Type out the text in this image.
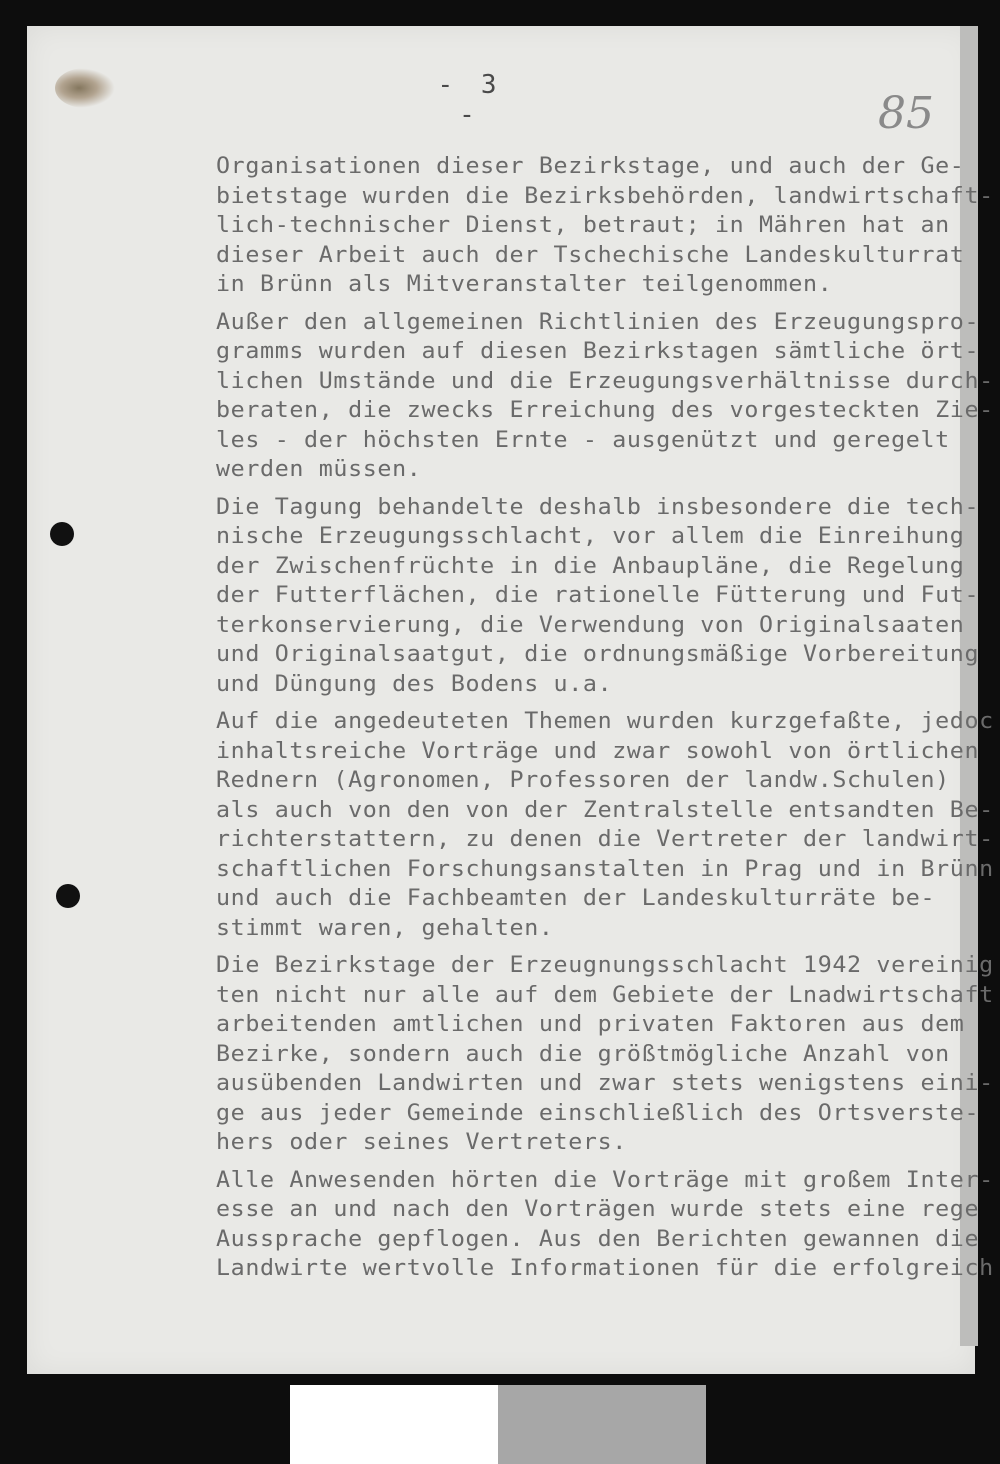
- 3 -	85
Organisationen dieser Bezirkstage, und auch der Ge-
bietstage wurden die Bezirksbehörden, landwirtschaft-
lich-technischer Dienst, betraut; in Mähren hat an
dieser Arbeit auch der Tschechische Landeskulturrat
in Brünn als Mitveranstalter teilgenommen.
Außer den allgemeinen Richtlinien des Erzeugungspro-
gramms wurden auf diesen Bezirkstagen sämtliche ört-
lichen Umstände und die Erzeugungsverhältnisse durch-
beraten, die zwecks Erreichung des vorgesteckten Zie-
les - der höchsten Ernte - ausgenützt und geregelt
werden müssen.
Die Tagung behandelte deshalb insbesondere die tech-
nische Erzeugungsschlacht, vor allem die Einreihung
der Zwischenfrüchte in die Anbaupläne, die Regelung
der Futterflächen, die rationelle Fütterung und Fut-
terkonservierung, die Verwendung von Originalsaaten
und Originalsaatgut, die ordnungsmäßige Vorbereitung
und Düngung des Bodens u.a.
Auf die angedeuteten Themen wurden kurzgefaßte, jedoc
inhaltsreiche Vorträge und zwar sowohl von örtlichen
Rednern (Agronomen, Professoren der landw.Schulen)
als auch von den von der Zentralstelle entsandten Be-
richterstattern, zu denen die Vertreter der landwirt-
schaftlichen Forschungsanstalten in Prag und in Brünn
und auch die Fachbeamten der Landeskulturräte be-
stimmt waren, gehalten.
Die Bezirkstage der Erzeugnungsschlacht 1942 vereinig
ten nicht nur alle auf dem Gebiete der Lnadwirtschaft
arbeitenden amtlichen und privaten Faktoren aus dem
Bezirke, sondern auch die größtmögliche Anzahl von
ausübenden Landwirten und zwar stets wenigstens eini-
ge aus jeder Gemeinde einschließlich des Ortsverste-
hers oder seines Vertreters.
Alle Anwesenden hörten die Vorträge mit großem Inter-
esse an und nach den Vorträgen wurde stets eine rege
Aussprache gepflogen. Aus den Berichten gewannen die
Landwirte wertvolle Informationen für die erfolgreich
